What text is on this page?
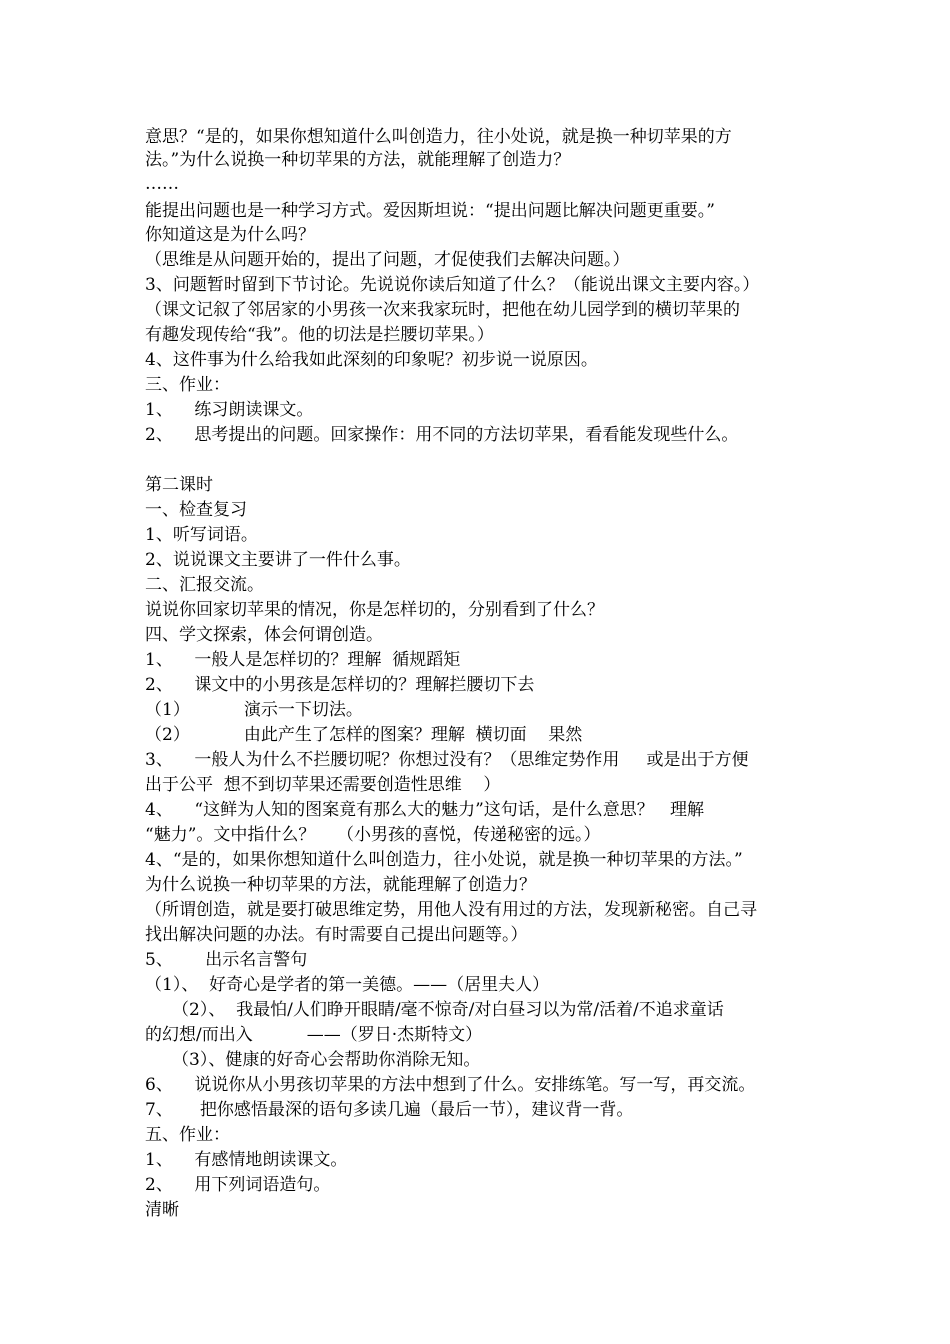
意思？“是的，如果你想知道什么叫创造力，往小处说，就是换一种切苹果的方
法。”为什么说换一种切苹果的方法，就能理解了创造力？
……
能提出问题也是一种学习方式。爱因斯坦说：“提出问题比解决问题更重要。”
你知道这是为什么吗？
（思维是从问题开始的，提出了问题，才促使我们去解决问题。）
3、问题暂时留到下节讨论。先说说你读后知道了什么？（能说出课文主要内容。）
（课文记叙了邻居家的小男孩一次来我家玩时，把他在幼儿园学到的横切苹果的
有趣发现传给“我”。他的切法是拦腰切苹果。）
4、这件事为什么给我如此深刻的印象呢？初步说一说原因。
三、作业：
1、    练习朗读课文。
2、    思考提出的问题。回家操作：用不同的方法切苹果，看看能发现些什么。
第二课时
一、检查复习
1、听写词语。
2、说说课文主要讲了一件什么事。
二、汇报交流。
说说你回家切苹果的情况，你是怎样切的，分别看到了什么？
四、学文探索，体会何谓创造。
1、    一般人是怎样切的？理解  循规蹈矩
2、    课文中的小男孩是怎样切的？理解拦腰切下去
（1）          演示一下切法。
（2）          由此产生了怎样的图案？理解  横切面    果然
3、    一般人为什么不拦腰切呢？你想过没有？（思维定势作用     或是出于方便
出于公平  想不到切苹果还需要创造性思维    ）
4、    “这鲜为人知的图案竟有那么大的魅力”这句话，是什么意思？   理解
“魅力”。文中指什么？    （小男孩的喜悦，传递秘密的远。）
4、“是的，如果你想知道什么叫创造力，往小处说，就是换一种切苹果的方法。”
为什么说换一种切苹果的方法，就能理解了创造力？
（所谓创造，就是要打破思维定势，用他人没有用过的方法，发现新秘密。自己寻
找出解决问题的办法。有时需要自己提出问题等。）
5、      出示名言警句
（1）、  好奇心是学者的第一美德。——（居里夫人）
（2）、  我最怕/人们睁开眼睛/毫不惊奇/对白昼习以为常/活着/不追求童话
的幻想/而出入          ——（罗日·杰斯特文）
（3）、健康的好奇心会帮助你消除无知。
6、    说说你从小男孩切苹果的方法中想到了什么。安排练笔。写一写，再交流。
7、     把你感悟最深的语句多读几遍（最后一节），建议背一背。
五、作业：
1、    有感情地朗读课文。
2、    用下列词语造句。
清晰
